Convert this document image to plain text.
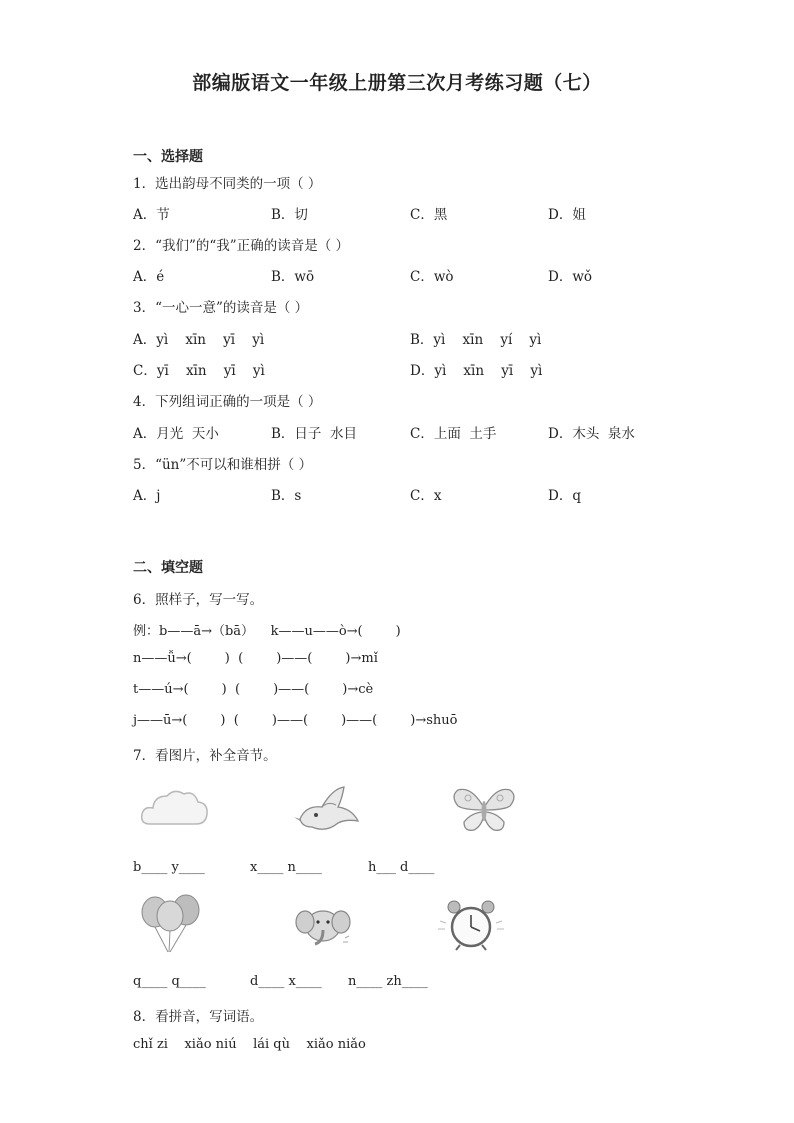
部编版语文一年级上册第三次月考练习题（七）
一、选择题
1．选出韵母不同类的一项（ ）
A．节	B．切	C．黑	D．姐
2．“我们”的“我”正确的读音是（ ）
A．é	B．wō	C．wò	D．wǒ
3．“一心一意”的读音是（ ）
A．yì    xīn    yī    yì	B．yì    xīn    yí    yì
C．yī    xīn    yī    yì	D．yì    xīn    yī    yì
4．下列组词正确的一项是（ ）
A．月光  天小	B．日子  水目	C．上面  土手	D．木头  泉水
5．“ün”不可以和谁相拼（ ）
A．j	B．s	C．x	D．q
二、填空题
6．照样子，写一写。
例：b——ā→（bā）    k——u——ò→(        )
n——ǚ→(        )  (        )——(        )→mǐ
t——ú→(        )  (        )——(        )→cè
j——ū→(        )  (        )——(        )——(        )→shuō
7．看图片，补全音节。
b____ y____	x____ n____	h___ d____
q____ q____	d____ x____ n____ zh____
8．看拼音，写词语。
chǐ zi    xiǎo niú    lái qù    xiǎo niǎo
